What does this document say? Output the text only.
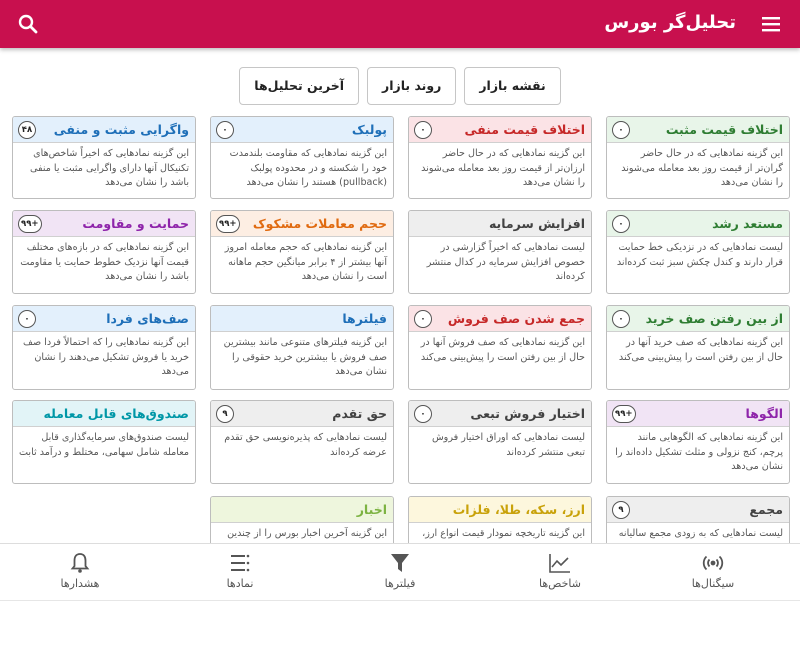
تحلیل‌گر بورس
نقشه بازار روند بازار آخرین تحلیل‌ها
اختلاف قیمت مثبت
۰
این گزینه نمادهایی که در حال حاضر گران‌تر از قیمت روز بعد معامله می‌شوند را نشان می‌دهد
اختلاف قیمت منفی
۰
این گزینه نمادهایی که در حال حاضر ارزان‌تر از قیمت روز بعد معامله می‌شوند را نشان می‌دهد
پولبک
۰
این گزینه نمادهایی که مقاومت بلندمدت خود را شکسته و در محدوده پولبک (pullback) هستند را نشان می‌دهد
واگرایی مثبت و منفی
۴۸
این گزینه نمادهایی که اخیراً شاخص‌های تکنیکال آنها دارای واگرایی مثبت یا منفی باشد را نشان می‌دهد
مستعد رشد
۰
لیست نمادهایی که در نزدیکی خط حمایت قرار دارند و کندل چکش سبز ثبت کرده‌اند
افزایش سرمایه
لیست نمادهایی که اخیراً گزارشی در خصوص افزایش سرمایه در کدال منتشر کرده‌اند
حجم معاملات مشکوک
۹۹+
این گزینه نمادهایی که حجم معامله امروز آنها بیشتر از ۴ برابر میانگین حجم ماهانه است را نشان می‌دهد
حمایت و مقاومت
۹۹+
این گزینه نمادهایی که در بازه‌های مختلف قیمت آنها نزدیک خطوط حمایت یا مقاومت باشد را نشان می‌دهد
از بین رفتن صف خرید
۰
این گزینه نمادهایی که صف خرید آنها در حال از بین رفتن است را پیش‌بینی می‌کند
جمع شدن صف فروش
۰
این گزینه نمادهایی که صف فروش آنها در حال از بین رفتن است را پیش‌بینی می‌کند
فیلترها
این گزینه فیلترهای متنوعی مانند بیشترین صف فروش یا بیشترین خرید حقوقی را نشان می‌دهد
صف‌های فردا
۰
این گزینه نمادهایی را که احتمالاً فردا صف خرید یا فروش تشکیل می‌دهند را نشان می‌دهد
الگوها
۹۹+
این گزینه نمادهایی که الگوهایی مانند پرچم، کنج نزولی و مثلث تشکیل داده‌اند را نشان می‌دهد
اختیار فروش تبعی
۰
لیست نمادهایی که اوراق اختیار فروش تبعی منتشر کرده‌اند
حق تقدم
۹
لیست نمادهایی که پذیره‌نویسی حق تقدم عرضه کرده‌اند
صندوق‌های قابل معامله
لیست صندوق‌های سرمایه‌گذاری قابل معامله شامل سهامی، مختلط و درآمد ثابت
مجمع
۹
لیست نمادهایی که به زودی مجمع سالیانه
ارز، سکه، طلا، فلزات
این گزینه تاریخچه نمودار قیمت انواع ارز،
اخبار
این گزینه آخرین اخبار بورس را از چندین
سیگنال‌ها
شاخص‌ها
فیلترها
نمادها
هشدارها
